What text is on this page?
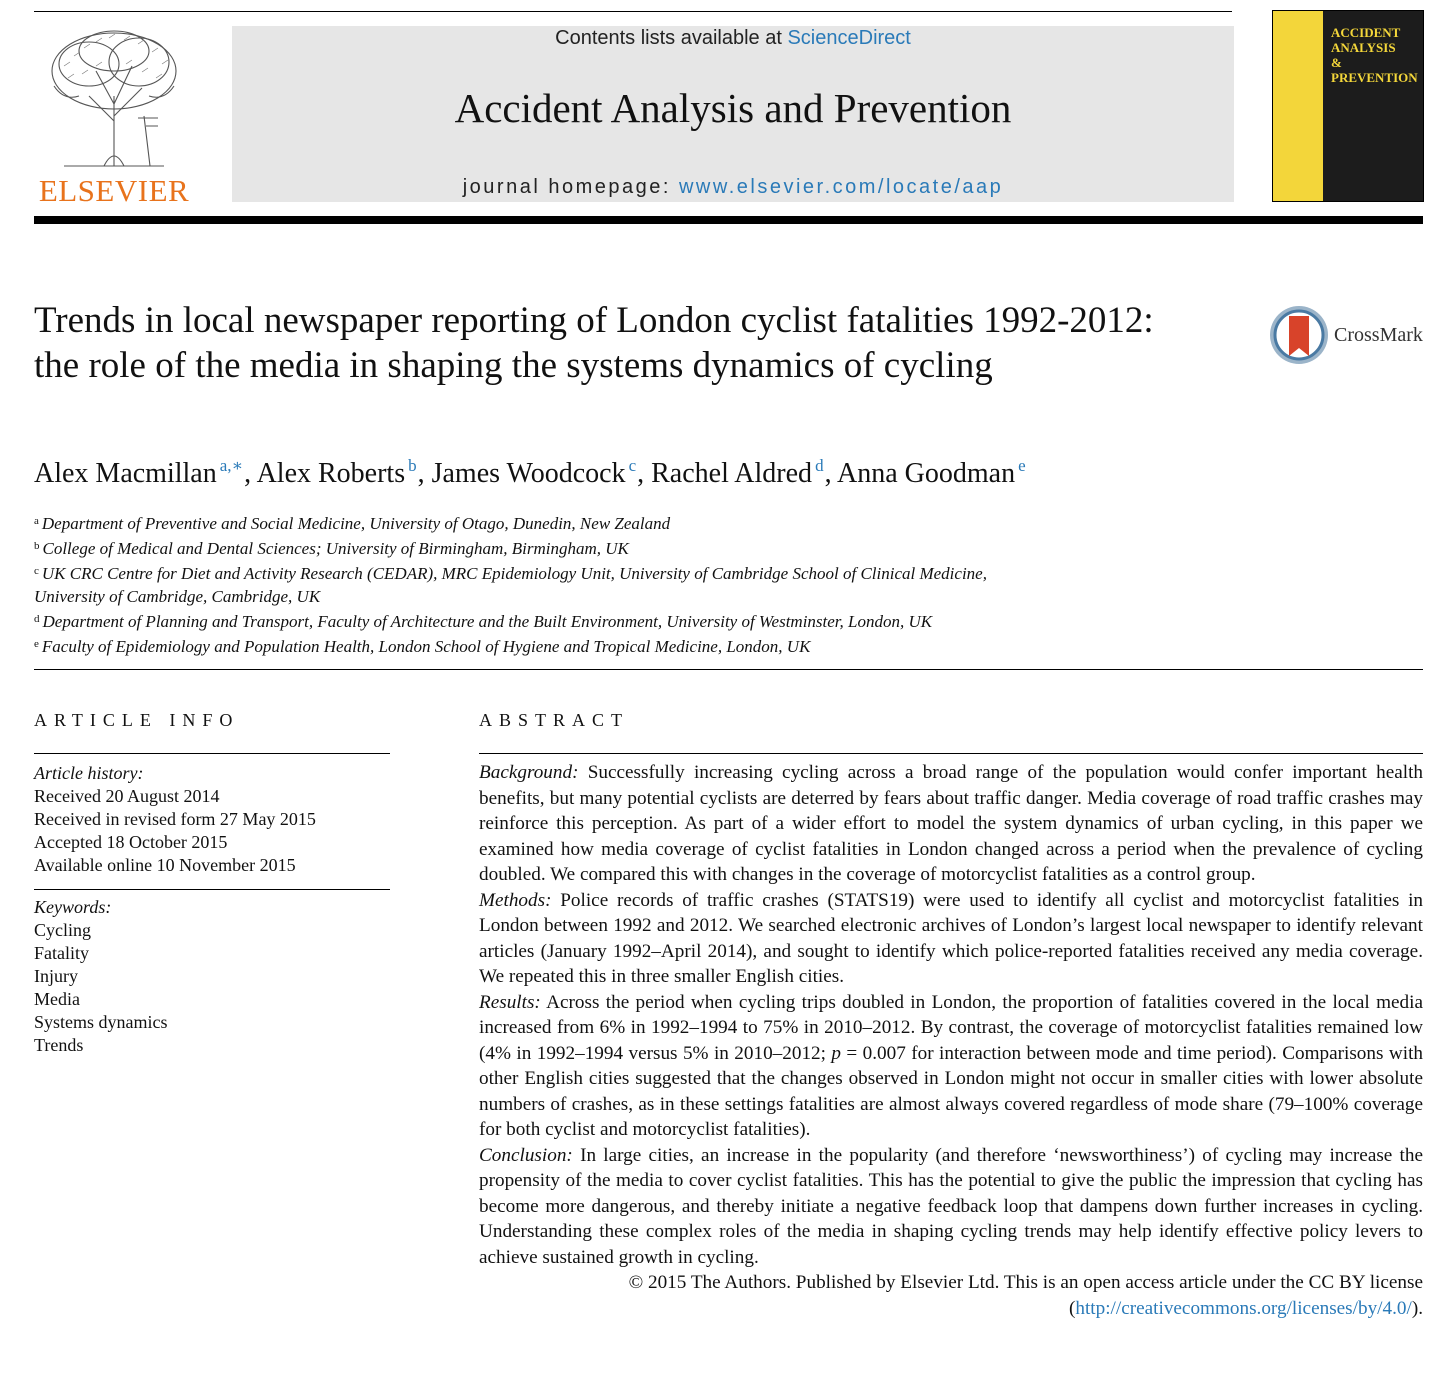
ELSEVIER
Contents lists available at ScienceDirect
Accident Analysis and Prevention
journal homepage: www.elsevier.com/locate/aap
ACCIDENT
ANALYSIS
&
PREVENTION
Trends in local newspaper reporting of London cyclist fatalities 1992-2012: the role of the media in shaping the systems dynamics of cycling
CrossMark
Alex Macmillan $^{a,∗}$, Alex Roberts $^b$, James Woodcock $^c$, Rachel Aldred $^d$, Anna Goodman $^e$
$^a$ Department of Preventive and Social Medicine, University of Otago, Dunedin, New Zealand
$^b$ College of Medical and Dental Sciences; University of Birmingham, Birmingham, UK
$^c$ UK CRC Centre for Diet and Activity Research (CEDAR), MRC Epidemiology Unit, University of Cambridge School of Clinical Medicine,
University of Cambridge, Cambridge, UK
$^d$ Department of Planning and Transport, Faculty of Architecture and the Built Environment, University of Westminster, London, UK
$^e$ Faculty of Epidemiology and Population Health, London School of Hygiene and Tropical Medicine, London, UK
ARTICLE INFO
Article history:
Received 20 August 2014
Received in revised form 27 May 2015
Accepted 18 October 2015
Available online 10 November 2015
Keywords:
Cycling
Fatality
Injury
Media
Systems dynamics
Trends
ABSTRACT
Background: Successfully increasing cycling across a broad range of the population would confer important health benefits, but many potential cyclists are deterred by fears about traffic danger. Media coverage of road traffic crashes may reinforce this perception. As part of a wider effort to model the system dynamics of urban cycling, in this paper we examined how media coverage of cyclist fatalities in London changed across a period when the prevalence of cycling doubled. We compared this with changes in the coverage of motorcyclist fatalities as a control group.
Methods: Police records of traffic crashes (STATS19) were used to identify all cyclist and motorcyclist fatalities in London between 1992 and 2012. We searched electronic archives of London’s largest local newspaper to identify relevant articles (January 1992–April 2014), and sought to identify which police-reported fatalities received any media coverage. We repeated this in three smaller English cities.
Results: Across the period when cycling trips doubled in London, the proportion of fatalities covered in the local media increased from 6% in 1992–1994 to 75% in 2010–2012. By contrast, the coverage of motorcyclist fatalities remained low (4% in 1992–1994 versus 5% in 2010–2012; p = 0.007 for interaction between mode and time period). Comparisons with other English cities suggested that the changes observed in London might not occur in smaller cities with lower absolute numbers of crashes, as in these settings fatalities are almost always covered regardless of mode share (79–100% coverage for both cyclist and motorcyclist fatalities).
Conclusion: In large cities, an increase in the popularity (and therefore ‘newsworthiness’) of cycling may increase the propensity of the media to cover cyclist fatalities. This has the potential to give the public the impression that cycling has become more dangerous, and thereby initiate a negative feedback loop that dampens down further increases in cycling. Understanding these complex roles of the media in shaping cycling trends may help identify effective policy levers to achieve sustained growth in cycling.
© 2015 The Authors. Published by Elsevier Ltd. This is an open access article under the CC BY license
(http://creativecommons.org/licenses/by/4.0/).
